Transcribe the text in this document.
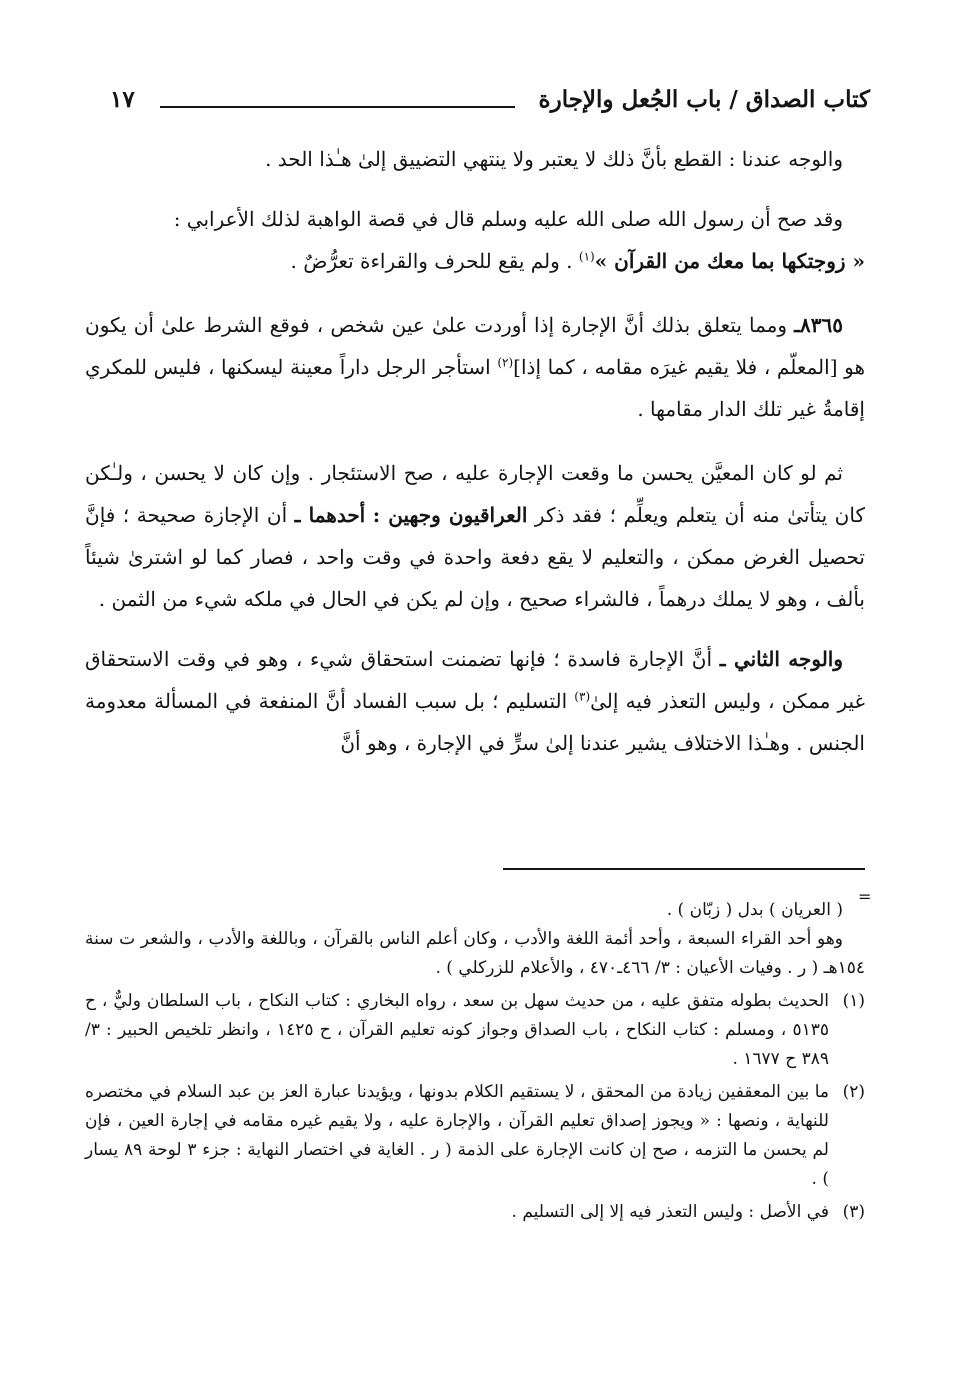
كتاب الصداق / باب الجُعل والإجارة
١٧
والوجه عندنا : القطع بأنَّ ذلك لا يعتبر ولا ينتهي التضييق إلىٰ هـٰذا الحد .
وقد صح أن رسول الله صلى الله عليه وسلم قال في قصة الواهبة لذلك الأعرابي :
« زوجتكها بما معك من القرآن »$^{(١)}$ . ولم يقع للحرف والقراءة تعرُّضٌ .
٨٣٦٥ـ ومما يتعلق بذلك أنَّ الإجارة إذا أوردت علىٰ عين شخص ، فوقع الشرط علىٰ أن يكون هو [المعلّم ، فلا يقيم غيرَه مقامه ، كما إذا]$^{(٢)}$ استأجر الرجل داراً معينة ليسكنها ، فليس للمكري إقامةُ غير تلك الدار مقامها .
ثم لو كان المعيَّن يحسن ما وقعت الإجارة عليه ، صح الاستئجار . وإن كان لا يحسن ، ولـٰكن كان يتأتىٰ منه أن يتعلم ويعلِّم ؛ فقد ذكر العراقيون وجهين : أحدهما ـ أن الإجازة صحيحة ؛ فإنَّ تحصيل الغرض ممكن ، والتعليم لا يقع دفعة واحدة في وقت واحد ، فصار كما لو اشترىٰ شيئاً بألف ، وهو لا يملك درهماً ، فالشراء صحيح ، وإن لم يكن في الحال في ملكه شيء من الثمن .
والوجه الثاني ـ أنَّ الإجارة فاسدة ؛ فإنها تضمنت استحقاق شيء ، وهو في وقت الاستحقاق غير ممكن ، وليس التعذر فيه إلىٰ$^{(٣)}$ التسليم ؛ بل سبب الفساد أنَّ المنفعة في المسألة معدومة الجنس . وهـٰذا الاختلاف يشير عندنا إلىٰ سرٍّ في الإجارة ، وهو أنَّ
=

( العريان ) بدل ( زبّان ) .

وهو أحد القراء السبعة ، وأحد أئمة اللغة والأدب ، وكان أعلم الناس بالقرآن ، وباللغة والأدب ، والشعر ت سنة ١٥٤هـ ( ر . وفيات الأعيان : ٣/ ٤٦٦ـ٤٧٠ ، والأعلام للزركلي ) .

(١)
الحديث بطوله متفق عليه ، من حديث سهل بن سعد ، رواه البخاري : كتاب النكاح ، باب السلطان وليٌّ ، ح ٥١٣٥ ، ومسلم : كتاب النكاح ، باب الصداق وجواز كونه تعليم القرآن ، ح ١٤٢٥ ، وانظر تلخيص الحبير : ٣/ ٣٨٩ ح ١٦٧٧ .
(٢)
ما بين المعقفين زيادة من المحقق ، لا يستقيم الكلام بدونها ، ويؤيدنا عبارة العز بن عبد السلام في مختصره للنهاية ، ونصها : « ويجوز إصداق تعليم القرآن ، والإجارة عليه ، ولا يقيم غيره مقامه في إجارة العين ، فإن لم يحسن ما التزمه ، صح إن كانت الإجارة على الذمة ( ر . الغاية في اختصار النهاية : جزء ٣ لوحة ٨٩ يسار ) .
(٣)
في الأصل : وليس التعذر فيه إلا إلى التسليم .
